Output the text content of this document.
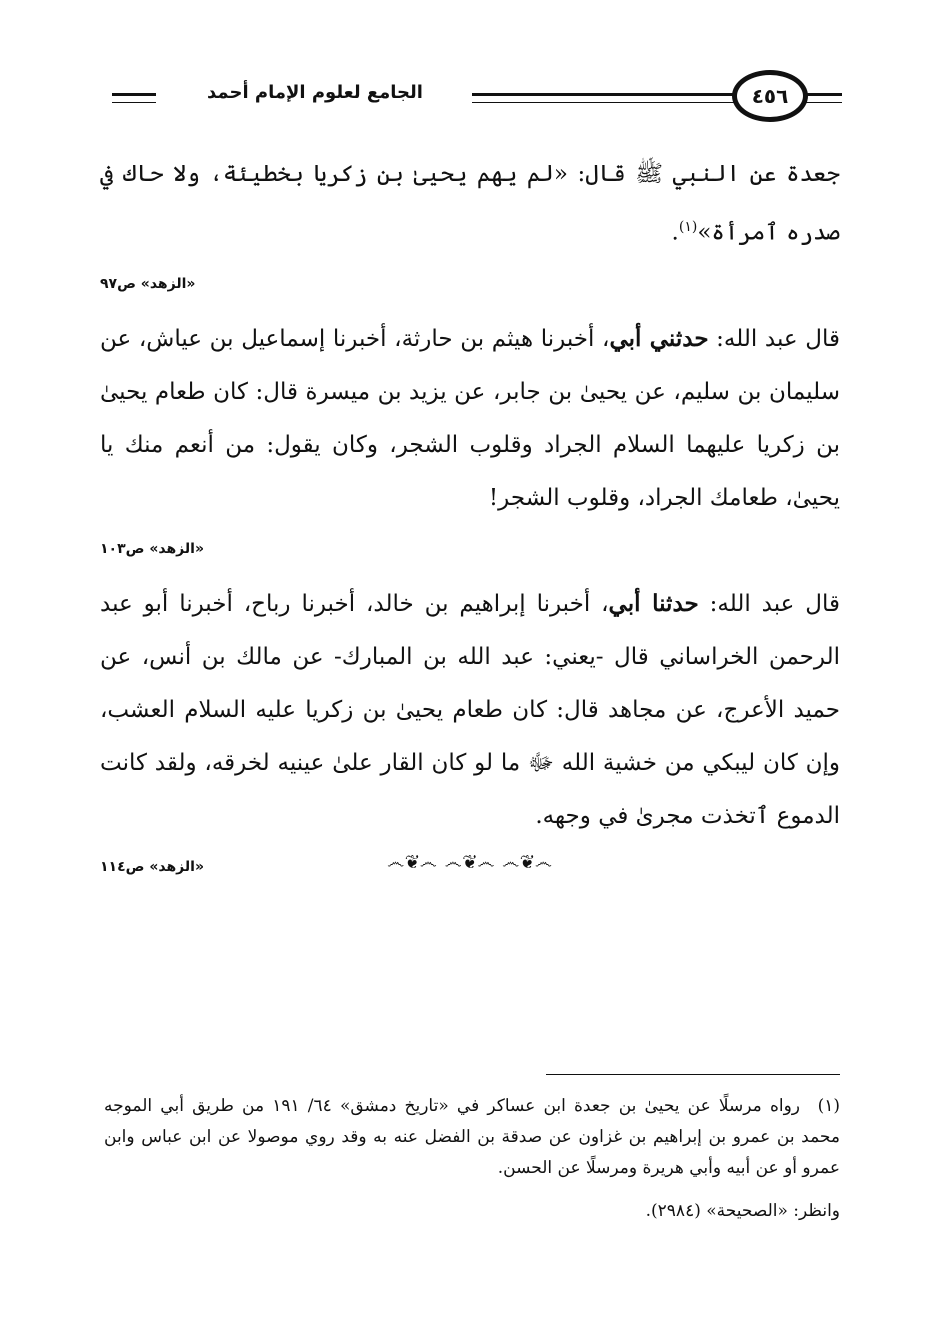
الجامع لعلوم الإمام أحمد	٤٥٦

جعدة عن النبي ﷺ قال: «لم يهم يحيىٰ بن زكريا بخطيئة، ولا حاك في صدره ٱمرأة»$^{(١)}$.

«الزهد» ص٩٧

قال عبد الله: حدثني أبي، أخبرنا هيثم بن حارثة، أخبرنا إسماعيل بن عياش، عن سليمان بن سليم، عن يحيىٰ بن جابر، عن يزيد بن ميسرة قال: كان طعام يحيىٰ بن زكريا عليهما السلام الجراد وقلوب الشجر، وكان يقول: من أنعم منك يا يحيىٰ، طعامك الجراد، وقلوب الشجر!

«الزهد» ص١٠٣

قال عبد الله: حدثنا أبي، أخبرنا إبراهيم بن خالد، أخبرنا رباح، أخبرنا أبو عبد الرحمن الخراساني قال -يعني: عبد الله بن المبارك- عن مالك بن أنس، عن حميد الأعرج، عن مجاهد قال: كان طعام يحيىٰ بن زكريا عليه السلام العشب، وإن كان ليبكي من خشية الله ﷻ ما لو كان القار علىٰ عينيه لخرقه، ولقد كانت الدموع ٱتخذت مجرىٰ في وجهه.

«الزهد» ص١١٤	෴❦෴ ෴❦෴ ෴❦෴
(١)رواه مرسلًا عن يحيىٰ بن جعدة ابن عساكر في «تاريخ دمشق» ٦٤/ ١٩١ من طريق أبي الموجه محمد بن عمرو بن إبراهيم بن غزاون عن صدقة بن الفضل عنه به وقد روي موصولا عن ابن عباس وابن عمرو أو عن أبيه وأبي هريرة ومرسلًا عن الحسن.
وانظر: «الصحيحة» (٢٩٨٤).
